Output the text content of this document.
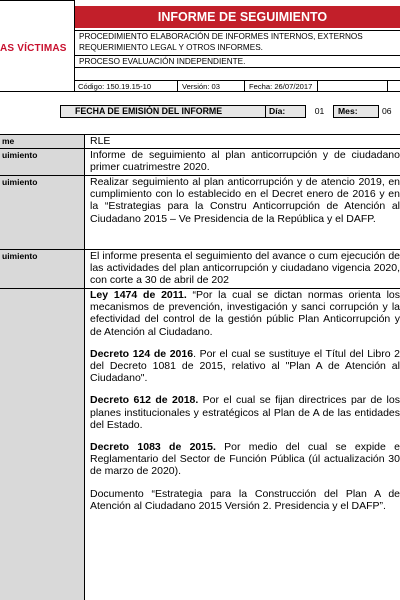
AS VÍCTIMAS
INFORME DE SEGUIMIENTO
PROCEDIMIENTO ELABORACIÓN DE INFORMES INTERNOS, EXTERNOS
REQUERIMIENTO LEGAL Y OTROS INFORMES.
PROCESO EVALUACIÓN INDEPENDIENTE.
Código: 150.19.15-10	Versión: 03	Fecha: 26/07/2017
FECHA DE EMISIÓN DEL INFORME	Día:	01	Mes:	06
me	RLE
uimiento	Informe de seguimiento al plan anticorrupción y de ciudadano primer cuatrimestre 2020.
uimiento	Realizar seguimiento al plan anticorrupción y de atencio 2019, en cumplimiento con lo establecido en el Decret enero de 2016 y en la “Estrategias para la Constru Anticorrupción de Atención al Ciudadano 2015 – Ve Presidencia de la República y el DAFP.
uimiento	El informe presenta el seguimiento del avance o cum ejecución de las actividades del plan anticorrupción y ciudadano vigencia 2020, con corte a 30 de abril de 202

Ley 1474 de 2011. “Por la cual se dictan normas orienta los mecanismos de prevención, investigación y sanci corrupción y la efectividad del control de la gestión públic Plan Anticorrupción y de Atención al Ciudadano.

Decreto 124 de 2016. Por el cual se sustituye el Títul del Libro 2 del Decreto 1081 de 2015, relativo al "Plan A de Atención al Ciudadano".

Decreto 612 de 2018. Por el cual se fijan directrices par de los planes institucionales y estratégicos al Plan de A de las entidades del Estado.

Decreto 1083 de 2015. Por medio del cual se expide e Reglamentario del Sector de Función Pública (úl actualización 30 de marzo de 2020).

Documento “Estrategia para la Construcción del Plan A de Atención al Ciudadano 2015 Versión 2. Presidencia y el DAFP”.
